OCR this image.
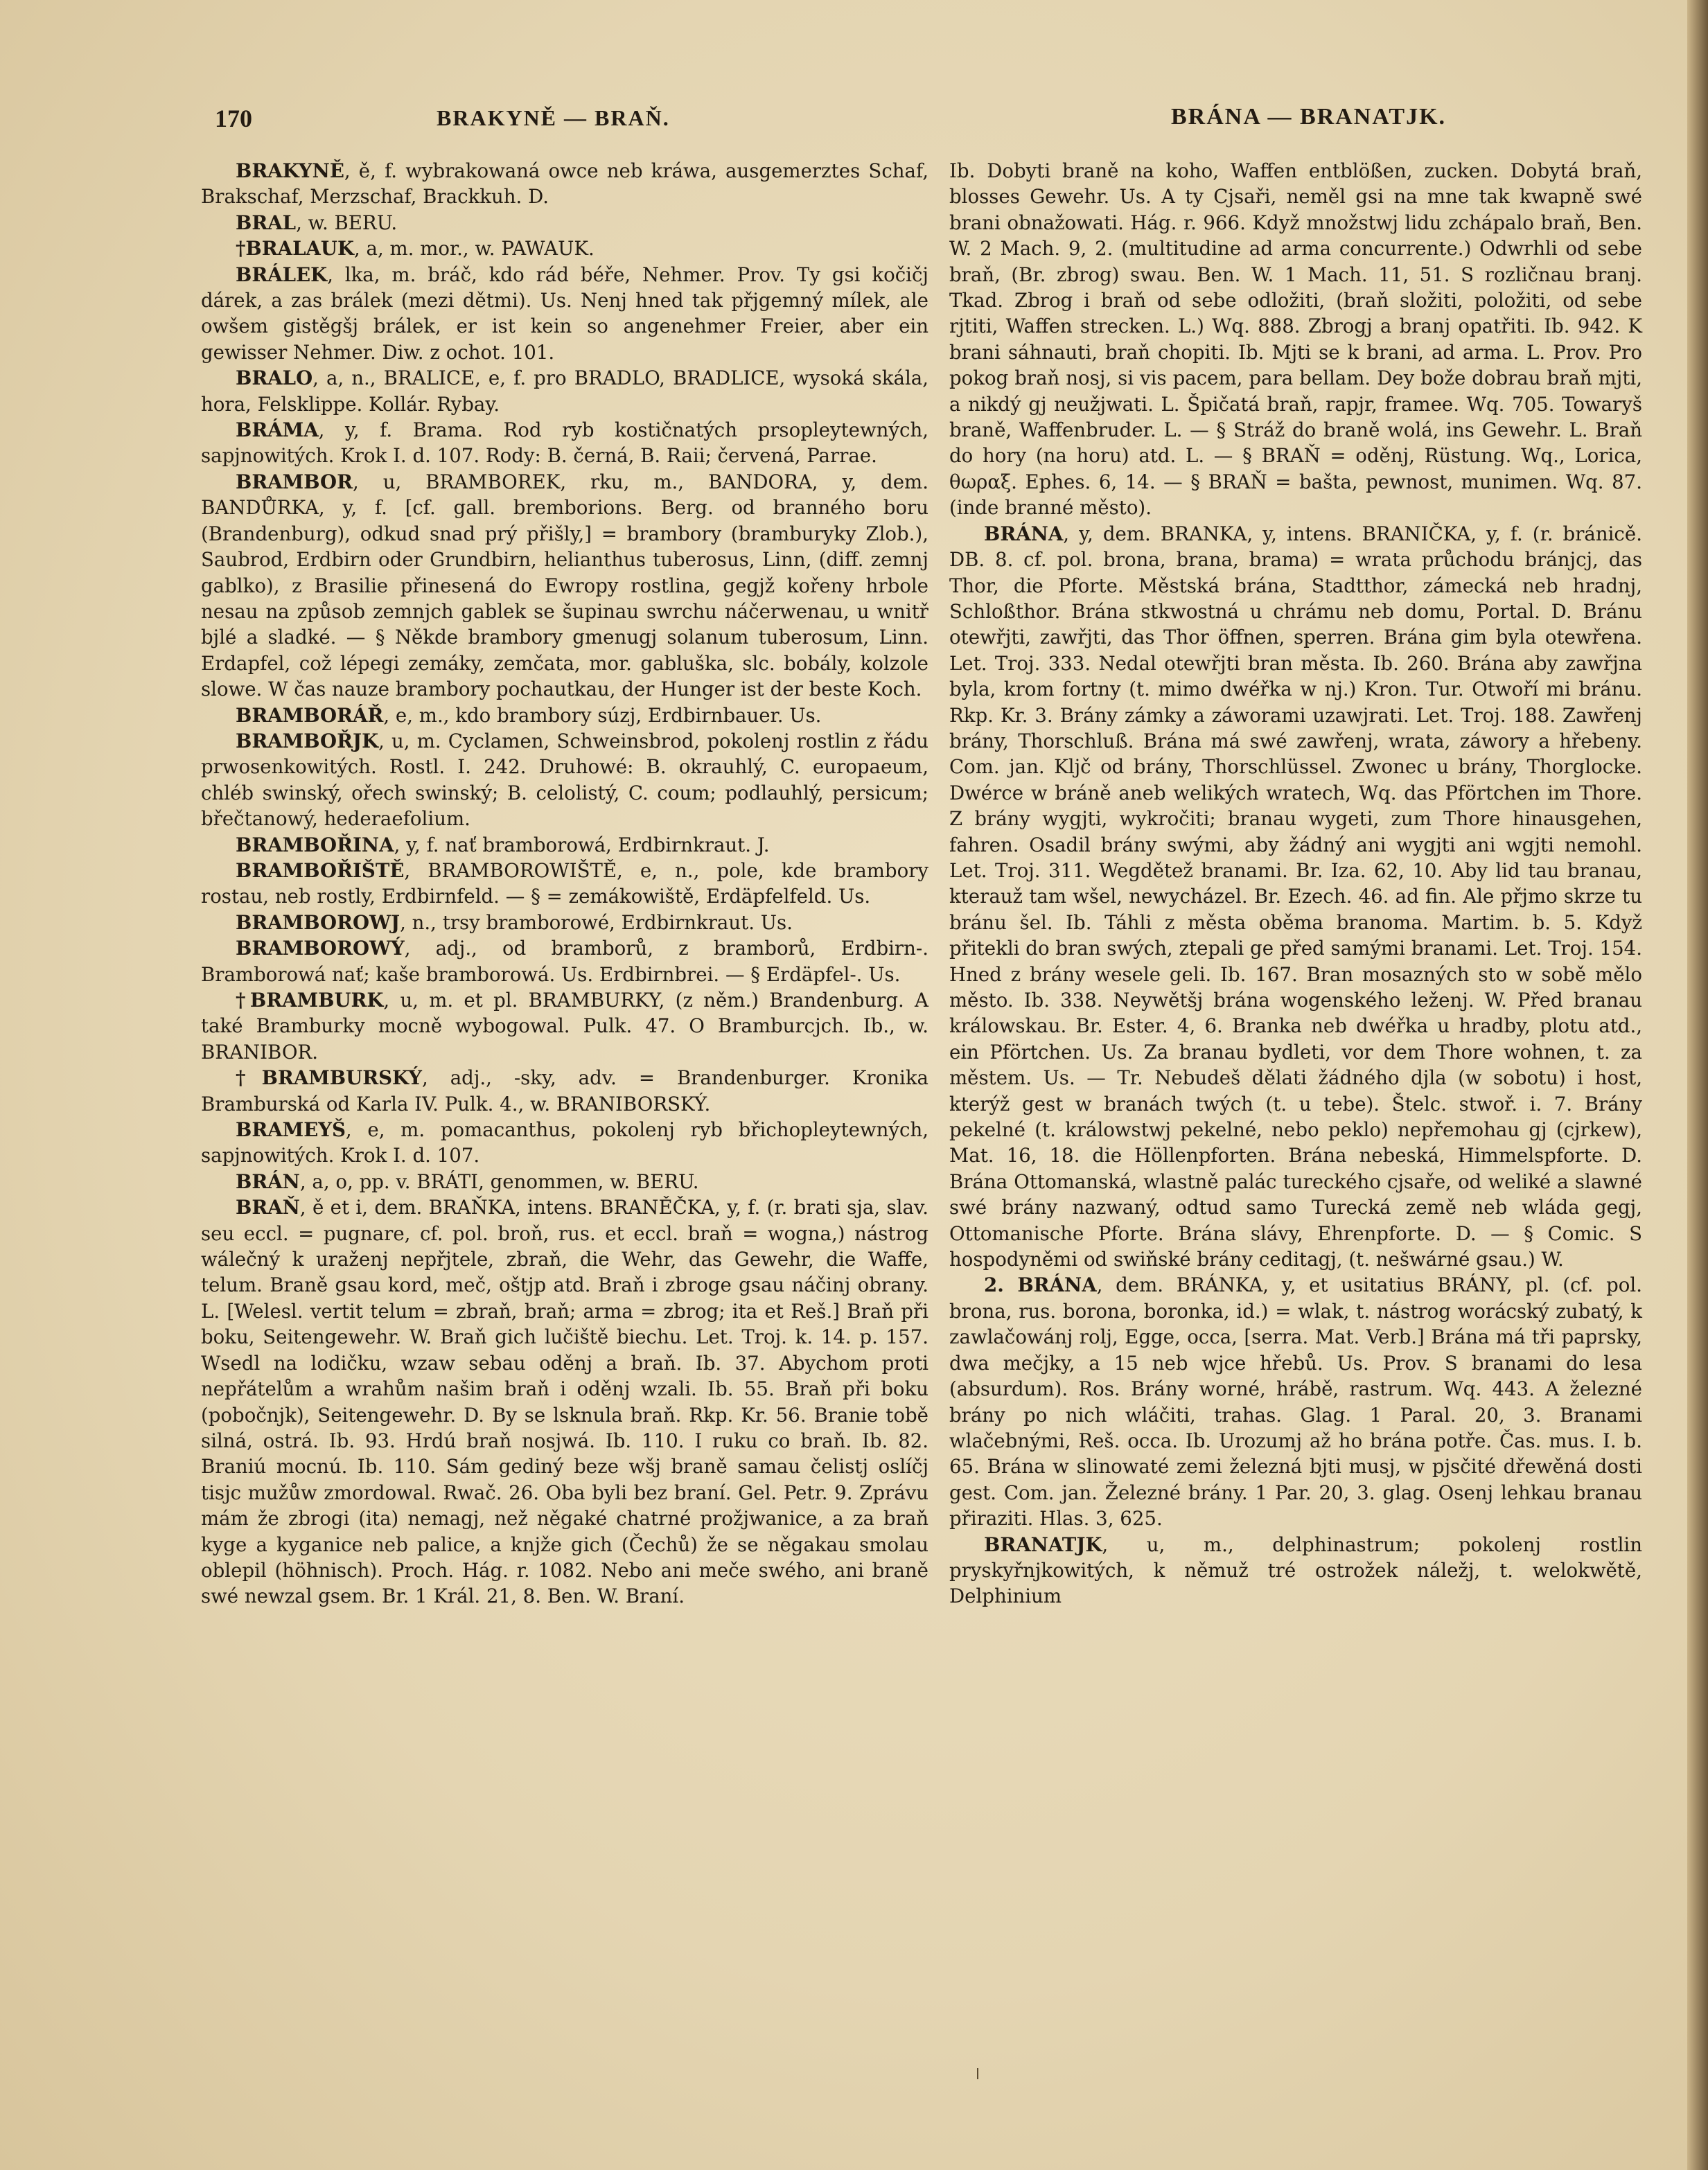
170	BRAKYNĚ — BRAŇ.	BRÁNA — BRANATJK.

BRAKYNĚ, ě, f. wybrakowaná owce neb kráwa, ausgemerztes Schaf, Brakschaf, Merzschaf, Brackkuh. D.

BRAL, w. BERU.

†BRALAUK, a, m. mor., w. PAWAUK.

BRÁLEK, lka, m. bráč, kdo rád béře, Nehmer. Prov. Ty gsi kočičj dárek, a zas brálek (mezi dětmi). Us. Nenj hned tak přjgemný mílek, ale owšem gistěgšj brálek, er ist kein so angenehmer Freier, aber ein gewisser Nehmer. Diw. z ochot. 101.

BRALO, a, n., BRALICE, e, f. pro BRADLO, BRADLICE, wysoká skála, hora, Felsklippe. Kollár. Rybay.

BRÁMA, y, f. Brama. Rod ryb kostičnatých prsopleytewných, sapjnowitých. Krok I. d. 107. Rody: B. černá, B. Raii; červená, Parrae.

BRAMBOR, u, BRAMBOREK, rku, m., BANDORA, y, dem. BANDŮRKA, y, f. [cf. gall. bremborions. Berg. od branného boru (Brandenburg), odkud snad prý přišly,] = brambory (bramburyky Zlob.), Saubrod, Erdbirn oder Grundbirn, helianthus tuberosus, Linn, (diff. zemnj gablko), z Brasilie přinesená do Ewropy rostlina, gegjž kořeny hrbole nesau na způsob zemnjch gablek se šupinau swrchu náčerwenau, u wnitř bjlé a sladké. — § Někde brambory gmenugj solanum tuberosum, Linn. Erdapfel, což lépegi zemáky, zemčata, mor. gabluška, slc. bobály, kolzole slowe. W čas nauze brambory pochautkau, der Hunger ist der beste Koch.

BRAMBORÁŘ, e, m., kdo brambory súzj, Erdbirnbauer. Us.

BRAMBOŘJK, u, m. Cyclamen, Schweinsbrod, pokolenj rostlin z řádu prwosenkowitých. Rostl. I. 242. Druhowé: B. okrauhlý, C. europaeum, chléb swinský, ořech swinský; B. celolistý, C. coum; podlauhlý, persicum; břečtanowý, hederaefolium.

BRAMBOŘINA, y, f. nať bramborowá, Erdbirnkraut. J.

BRAMBOŘIŠTĚ, BRAMBOROWIŠTĚ, e, n., pole, kde brambory rostau, neb rostly, Erdbirnfeld. — § = zemákowiště, Erdäpfelfeld. Us.

BRAMBOROWJ, n., trsy bramborowé, Erdbirnkraut. Us.

BRAMBOROWÝ, adj., od bramborů, z bramborů, Erdbirn-. Bramborowá nať; kaše bramborowá. Us. Erdbirnbrei. — § Erdäpfel-. Us.

†BRAMBURK, u, m. et pl. BRAMBURKY, (z něm.) Brandenburg. A také Bramburky mocně wybogowal. Pulk. 47. O Bramburcjch. Ib., w. BRANIBOR.

†BRAMBURSKÝ, adj., -sky, adv. = Brandenburger. Kronika Bramburská od Karla IV. Pulk. 4., w. BRANIBORSKÝ.

BRAMEYŠ, e, m. pomacanthus, pokolenj ryb břichopleytewných, sapjnowitých. Krok I. d. 107.

BRÁN, a, o, pp. v. BRÁTI, genommen, w. BERU.

BRAŇ, ě et i, dem. BRAŇKA, intens. BRANĚČKA, y, f. (r. brati sja, slav. seu eccl. = pugnare, cf. pol. broň, rus. et eccl. braň = wogna,) nástrog wálečný k uraženj nepřjtele, zbraň, die Wehr, das Gewehr, die Waffe, telum. Braně gsau kord, meč, oštjp atd. Braň i zbroge gsau náčinj obrany. L. [Welesl. vertit telum = zbraň, braň; arma = zbrog; ita et Reš.] Braň při boku, Seitengewehr. W. Braň gich lučiště biechu. Let. Troj. k. 14. p. 157. Wsedl na lodičku, wzaw sebau oděnj a braň. Ib. 37. Abychom proti nepřátelům a wrahům našim braň i oděnj wzali. Ib. 55. Braň při boku (pobočnjk), Seitengewehr. D. By se lsknula braň. Rkp. Kr. 56. Branie tobě silná, ostrá. Ib. 93. Hrdú braň nosjwá. Ib. 110. I ruku co braň. Ib. 82. Braniú mocnú. Ib. 110. Sám gediný beze wšj braně samau čelistj oslíčj tisjc mužůw zmordowal. Rwač. 26. Oba byli bez braní. Gel. Petr. 9. Zprávu mám že zbrogi (ita) nemagj, než něgaké chatrné prožjwanice, a za braň kyge a kyganice neb palice, a knjže gich (Čechů) že se něgakau smolau oblepil (höhnisch). Proch. Hág. r. 1082. Nebo ani meče swého, ani braně swé newzal gsem. Br. 1 Král. 21, 8. Ben. W. Braní.

Ib. Dobyti braně na koho, Waffen entblößen, zucken. Dobytá braň, blosses Gewehr. Us. A ty Cjsaři, neměl gsi na mne tak kwapně swé brani obnažowati. Hág. r. 966. Když množstwj lidu zchápalo braň, Ben. W. 2 Mach. 9, 2. (multitudine ad arma concurrente.) Odwrhli od sebe braň, (Br. zbrog) swau. Ben. W. 1 Mach. 11, 51. S rozličnau branj. Tkad. Zbrog i braň od sebe odložiti, (braň složiti, položiti, od sebe rjtiti, Waffen strecken. L.) Wq. 888. Zbrogj a branj opatřiti. Ib. 942. K brani sáhnauti, braň chopiti. Ib. Mjti se k brani, ad arma. L. Prov. Pro pokog braň nosj, si vis pacem, para bellam. Dey bože dobrau braň mjti, a nikdý gj neužjwati. L. Špičatá braň, rapjr, framee. Wq. 705. Towaryš braně, Waffenbruder. L. — § Stráž do braně wolá, ins Gewehr. L. Braň do hory (na horu) atd. L. — § BRAŇ = oděnj, Rüstung. Wq., Lorica, θωραξ. Ephes. 6, 14. — § BRAŇ = bašta, pewnost, munimen. Wq. 87. (inde branné město).

BRÁNA, y, dem. BRANKA, y, intens. BRANIČKA, y, f. (r. bránicě. DB. 8. cf. pol. brona, brana, brama) = wrata průchodu bránjcj, das Thor, die Pforte. Městská brána, Stadtthor, zámecká neb hradnj, Schloßthor. Brána stkwostná u chrámu neb domu, Portal. D. Bránu otewřjti, zawřjti, das Thor öffnen, sperren. Brána gim byla otewřena. Let. Troj. 333. Nedal otewřjti bran města. Ib. 260. Brána aby zawřjna byla, krom fortny (t. mimo dwéřka w nj.) Kron. Tur. Otwoří mi bránu. Rkp. Kr. 3. Brány zámky a záworami uzawjrati. Let. Troj. 188. Zawřenj brány, Thorschluß. Brána má swé zawřenj, wrata, záwory a hřebeny. Com. jan. Kljč od brány, Thorschlüssel. Zwonec u brány, Thorglocke. Dwérce w bráně aneb welikých wratech, Wq. das Pförtchen im Thore. Z brány wygjti, wykročiti; branau wygeti, zum Thore hinausgehen, fahren. Osadil brány swými, aby žádný ani wygjti ani wgjti nemohl. Let. Troj. 311. Wegdětež branami. Br. Iza. 62, 10. Aby lid tau branau, kterauž tam wšel, newycházel. Br. Ezech. 46. ad fin. Ale přjmo skrze tu bránu šel. Ib. Táhli z města oběma branoma. Martim. b. 5. Když přitekli do bran swých, ztepali ge před samými branami. Let. Troj. 154. Hned z brány wesele geli. Ib. 167. Bran mosazných sto w sobě mělo město. Ib. 338. Neywětšj brána wogenského leženj. W. Před branau králowskau. Br. Ester. 4, 6. Branka neb dwéřka u hradby, plotu atd., ein Pförtchen. Us. Za branau bydleti, vor dem Thore wohnen, t. za městem. Us. — Tr. Nebudeš dělati žádného djla (w sobotu) i host, kterýž gest w branách twých (t. u tebe). Štelc. stwoř. i. 7. Brány pekelné (t. králowstwj pekelné, nebo peklo) nepřemohau gj (cjrkew), Mat. 16, 18. die Höllenpforten. Brána nebeská, Himmelspforte. D. Brána Ottomanská, wlastně palác tureckého cjsaře, od weliké a slawné swé brány nazwaný, odtud samo Turecká země neb wláda gegj, Ottomanische Pforte. Brána slávy, Ehrenpforte. D. — § Comic. S hospodyněmi od swiňské brány ceditagj, (t. nešwárné gsau.) W.

2. BRÁNA, dem. BRÁNKA, y, et usitatius BRÁNY, pl. (cf. pol. brona, rus. borona, boronka, id.) = wlak, t. nástrog worácský zubatý, k zawlačowánj rolj, Egge, occa, [serra. Mat. Verb.] Brána má tři paprsky, dwa mečjky, a 15 neb wjce hřebů. Us. Prov. S branami do lesa (absurdum). Ros. Brány worné, hrábě, rastrum. Wq. 443. A železné brány po nich wláčiti, trahas. Glag. 1 Paral. 20, 3. Branami wlačebnými, Reš. occa. Ib. Urozumj až ho brána potře. Čas. mus. I. b. 65. Brána w slinowaté zemi železná bjti musj, w pjsčité dřewěná dosti gest. Com. jan. Železné brány. 1 Par. 20, 3. glag. Osenj lehkau branau přiraziti. Hlas. 3, 625.

BRANATJK, u, m., delphinastrum; pokolenj rostlin pryskyřnjkowitých, k němuž tré ostrožek náležj, t. welokwětě, Delphinium
